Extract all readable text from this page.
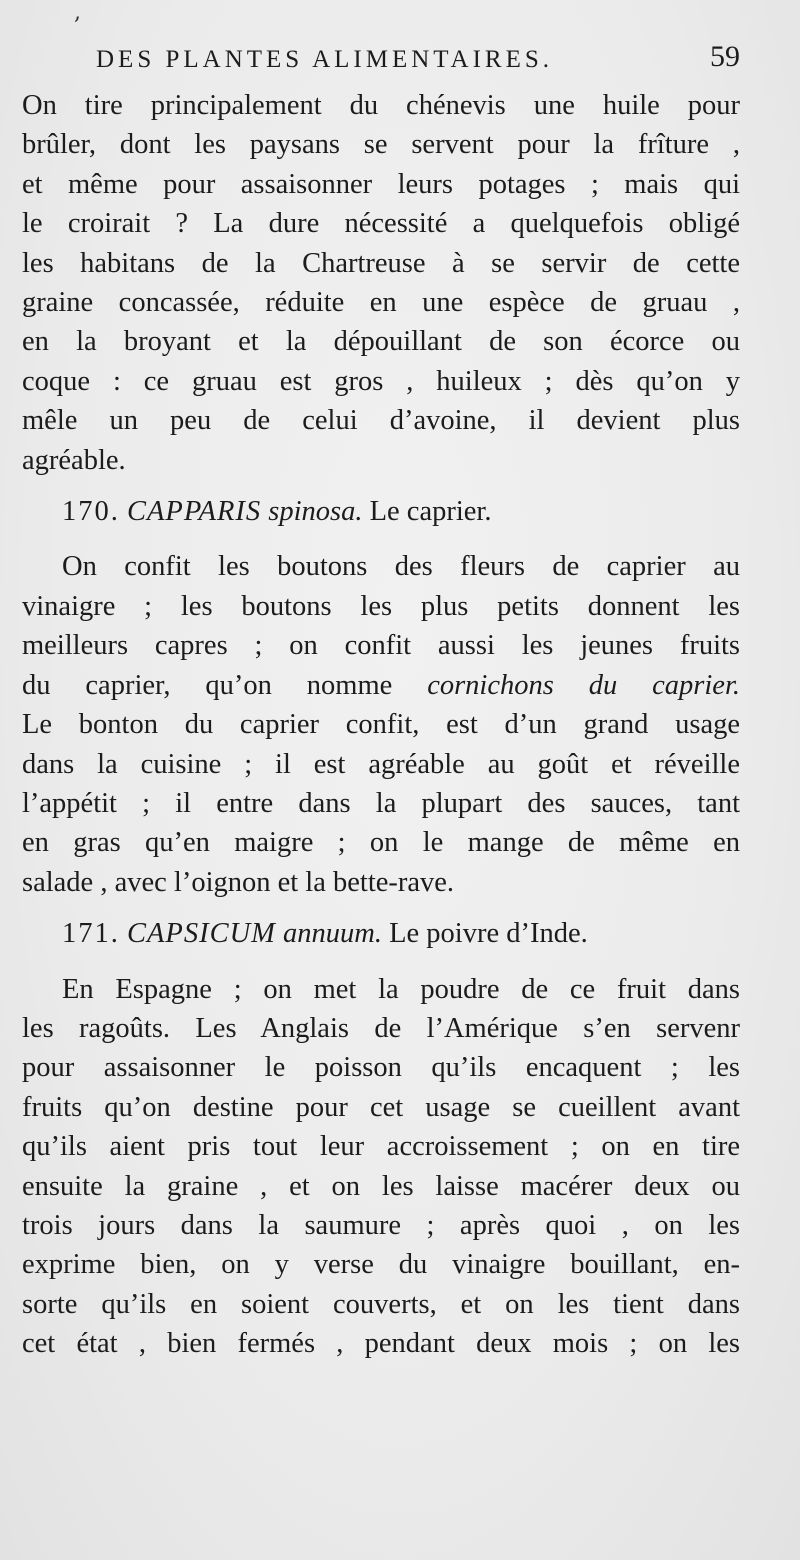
,
DES PLANTES ALIMENTAIRES.	59
On tire principalement du chénevis une huile pour
brûler, dont les paysans se servent pour la frîture ,
et même pour assaisonner leurs potages ; mais qui
le croirait ? La dure nécessité a quelquefois obligé
les habitans de la Chartreuse à se servir de cette
graine concassée, réduite en une espèce de gruau ,
en la broyant et la dépouillant de son écorce ou
coque : ce gruau est gros , huileux ; dès qu’on y
mêle un peu de celui d’avoine, il devient plus
agréable.
170. CAPPARIS spinosa. Le caprier.
On confit les boutons des fleurs de caprier au
vinaigre ; les boutons les plus petits donnent les
meilleurs capres ; on confit aussi les jeunes fruits
du caprier, qu’on nomme cornichons du caprier.
Le bonton du caprier confit, est d’un grand usage
dans la cuisine ; il est agréable au goût et réveille
l’appétit ; il entre dans la plupart des sauces, tant
en gras qu’en maigre ; on le mange de même en
salade , avec l’oignon et la bette-rave.
171. CAPSICUM annuum. Le poivre d’Inde.
En Espagne ; on met la poudre de ce fruit dans
les ragoûts. Les Anglais de l’Amérique s’en servenr
pour assaisonner le poisson qu’ils encaquent ; les
fruits qu’on destine pour cet usage se cueillent avant
qu’ils aient pris tout leur accroissement ; on en tire
ensuite la graine , et on les laisse macérer deux ou
trois jours dans la saumure ; après quoi , on les
exprime bien, on y verse du vinaigre bouillant, en-
sorte qu’ils en soient couverts, et on les tient dans
cet état , bien fermés , pendant deux mois ; on les
